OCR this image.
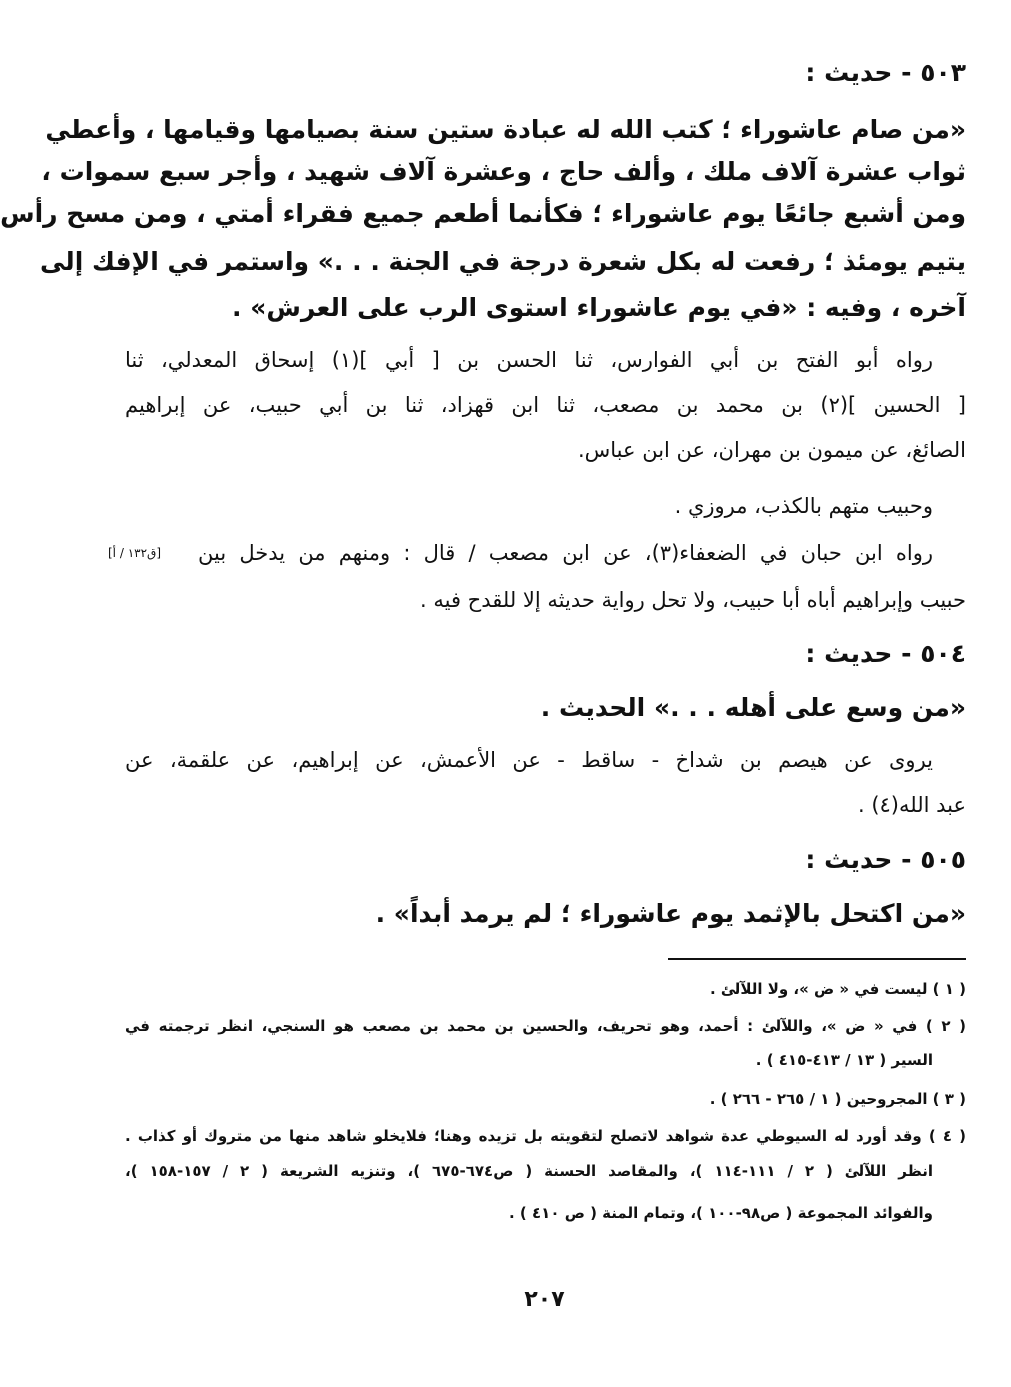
٥٠٣ - حديث :
«من صام عاشوراء ؛ كتب الله له عبادة ستين سنة بصيامها وقيامها ، وأعطي
ثواب عشرة آلاف ملك ، وألف حاج ، وعشرة آلاف شهيد ، وأجر سبع سموات ،
ومن أشبع جائعًا يوم عاشوراء ؛ فكأنما أطعم جميع فقراء أمتي ، ومن مسح رأس
يتيم يومئذ ؛ رفعت له بكل شعرة درجة في الجنة . . .» واستمر في الإفك إلى
آخره ، وفيه : «في يوم عاشوراء استوى الرب على العرش» .
رواه أبو الفتح بن أبي الفوارس، ثنا الحسن بن [ أبي ](١) إسحاق المعدلي، ثنا
[ الحسين ](٢) بن محمد بن مصعب، ثنا ابن قهزاد، ثنا بن أبي حبيب، عن إبراهيم
الصائغ، عن ميمون بن مهران، عن ابن عباس.
وحبيب متهم بالكذب، مروزي .
رواه ابن حبان في الضعفاء(٣)، عن ابن مصعب / قال : ومنهم من يدخل بين
[ق١٣٢ / أ]
حبيب وإبراهيم أباه أبا حبيب، ولا تحل رواية حديثه إلا للقدح فيه .
٥٠٤ - حديث :
«من وسع على أهله . . .» الحديث .
يروى عن هيصم بن شداخ - ساقط - عن الأعمش، عن إبراهيم، عن علقمة، عن
عبد الله(٤) .
٥٠٥ - حديث :
«من اكتحل بالإثمد يوم عاشوراء ؛ لم يرمد أبداً» .
( ١ ) ليست في « ض »، ولا اللآلئ .
( ٢ ) في « ض »، واللآلئ : أحمد، وهو تحريف، والحسين بن محمد بن مصعب هو السنجي، انظر ترجمته في
السير ( ١٣ / ٤١٣-٤١٥ ) .
( ٣ ) المجروحين ( ١ / ٢٦٥ - ٢٦٦ ) .
( ٤ ) وقد أورد له السيوطي عدة شواهد لاتصلح لتقويته بل تزيده وهنا؛ فلايخلو شاهد منها من متروك أو كذاب .
انظر اللآلئ ( ٢ / ١١١-١١٤ )، والمقاصد الحسنة ( ص٦٧٤-٦٧٥ )، وتنزيه الشريعة ( ٢ / ١٥٧-١٥٨ )،
والفوائد المجموعة ( ص٩٨-١٠٠ )، وتمام المنة ( ص ٤١٠ ) .
٢٠٧
